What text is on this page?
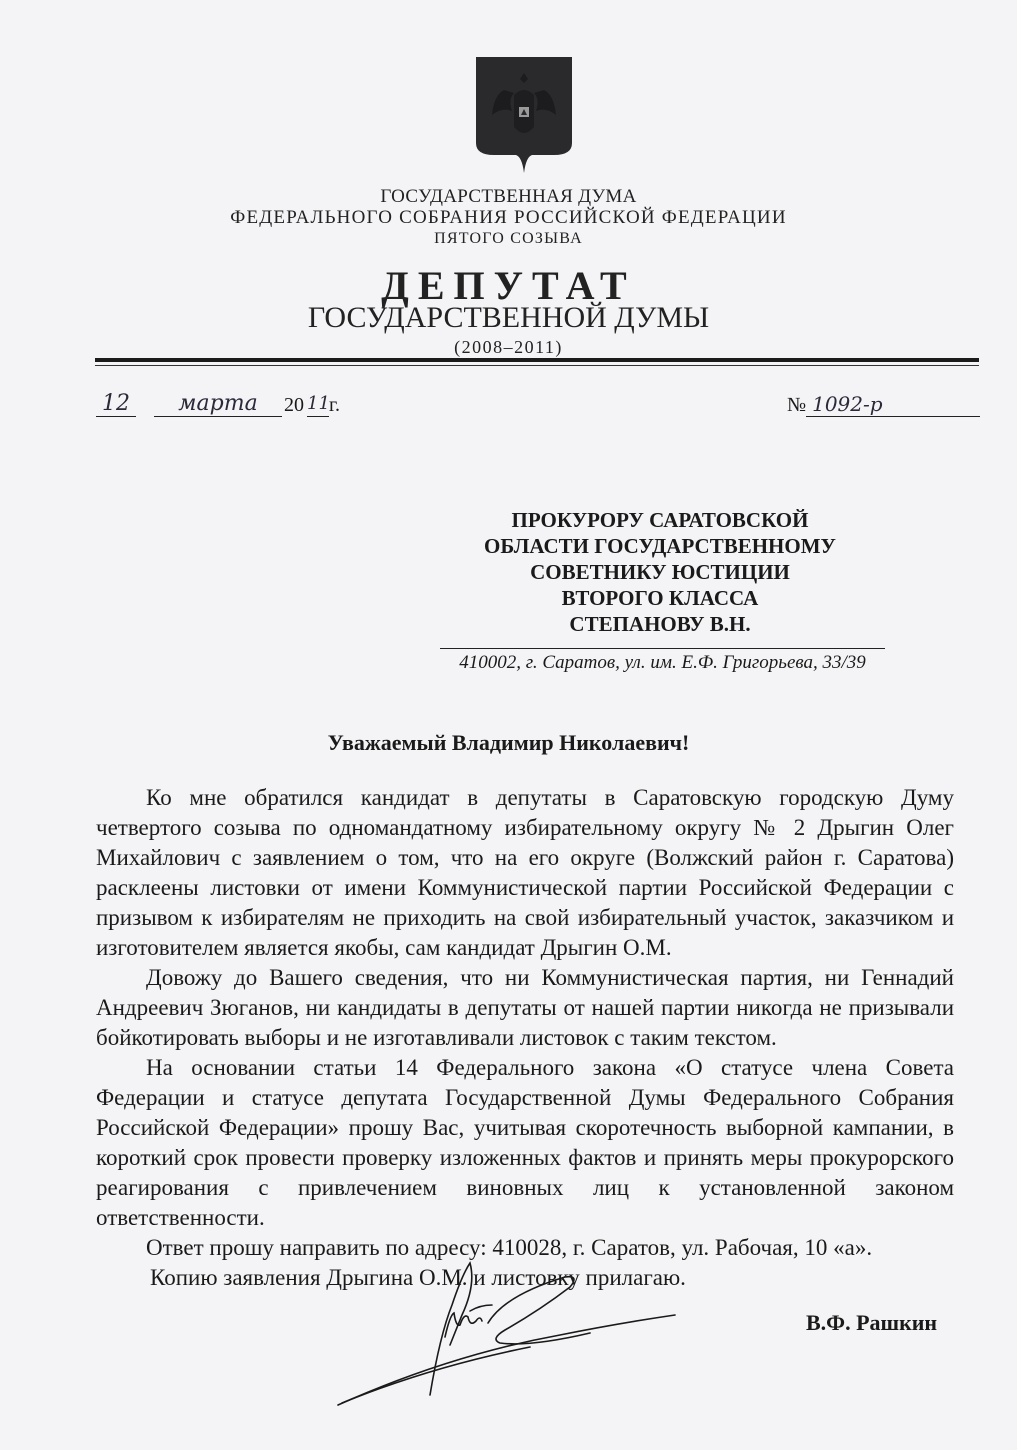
ГОСУДАРСТВЕННАЯ ДУМА
ФЕДЕРАЛЬНОГО СОБРАНИЯ РОССИЙСКОЙ ФЕДЕРАЦИИ
ПЯТОГО СОЗЫВА
ДЕПУТАТ
ГОСУДАРСТВЕННОЙ ДУМЫ
(2008–2011)
12	марта	20 11 г.	№ 1092-р
ПРОКУРОРУ САРАТОВСКОЙ
ОБЛАСТИ ГОСУДАРСТВЕННОМУ
СОВЕТНИКУ ЮСТИЦИИ
ВТОРОГО КЛАССА
СТЕПАНОВУ В.Н.
410002, г. Саратов, ул. им. Е.Ф. Григорьева, 33/39
Уважаемый Владимир Николаевич!

Ко мне обратился кандидат в депутаты в Саратовскую городскую Думу четвертого созыва по одномандатному избирательному округу № 2 Дрыгин Олег Михайлович с заявлением о том, что на его округе (Волжский район г. Саратова) расклеены листовки от имени Коммунистической партии Российской Федерации с призывом к избирателям не приходить на свой избирательный участок, заказчиком и изготовителем является якобы, сам кандидат Дрыгин О.М.

Довожу до Вашего сведения, что ни Коммунистическая партия, ни Геннадий Андреевич Зюганов, ни кандидаты в депутаты от нашей партии никогда не призывали бойкотировать выборы и не изготавливали листовок с таким текстом.

На основании статьи 14 Федерального закона «О статусе члена Совета Федерации и статусе депутата Государственной Думы Федерального Собрания Российской Федерации» прошу Вас, учитывая скоротечность выборной кампании, в короткий срок провести проверку изложенных фактов и принять меры прокурорского реагирования с привлечением виновных лиц к установленной законом ответственности.

Ответ прошу направить по адресу: 410028, г. Саратов, ул. Рабочая, 10 «а».

Копию заявления Дрыгина О.М. и листовку прилагаю.

В.Ф. Рашкин
